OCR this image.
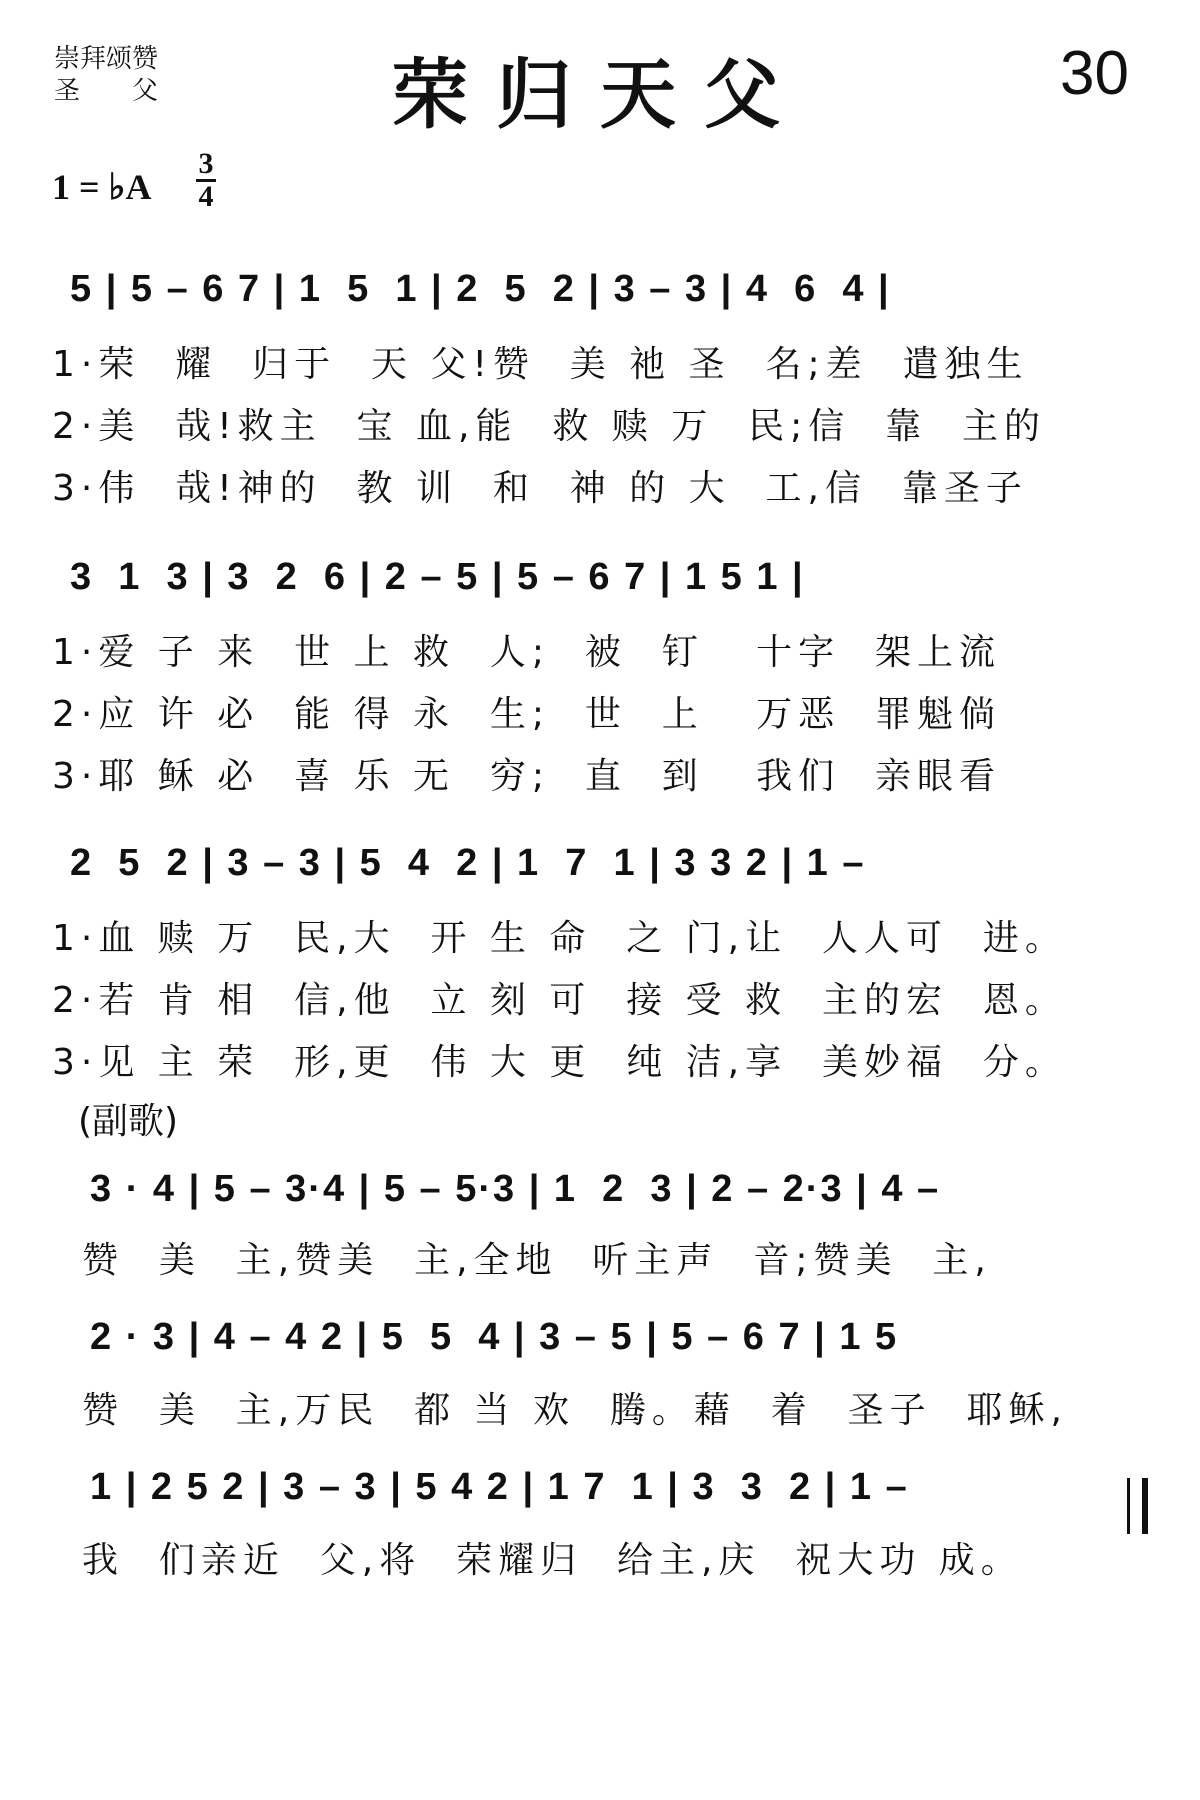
崇拜颂赞
圣　　父	荣归天父	30
1 = ♭A
3
4
5 | 5 – 6 7 | 1  5  1 | 2  5  2 | 3 – 3 | 4  6  4 |
1·荣  耀  归于  天 父!赞  美 祂 圣  名;差  遣独生
2·美  哉!救主  宝 血,能  救 赎 万  民;信  靠  主的
3·伟  哉!神的  教 训  和  神 的 大  工,信  靠圣子
3  1  3 | 3  2  6 | 2 – 5 | 5 – 6 7 | 1 5 1 |
1·爱 子 来  世 上 救  人;  被  钉   十字  架上流
2·应 许 必  能 得 永  生;  世  上   万恶  罪魁倘
3·耶 稣 必  喜 乐 无  穷;  直  到   我们  亲眼看
2  5  2 | 3 – 3 | 5  4  2 | 1  7  1 | 3 3 2 | 1 –
1·血 赎 万  民,大  开 生 命  之 门,让  人人可  进。
2·若 肯 相  信,他  立 刻 可  接 受 救  主的宏  恩。
3·见 主 荣  形,更  伟 大 更  纯 洁,享  美妙福  分。
(副歌)
3 · 4 | 5 – 3·4 | 5 – 5·3 | 1  2  3 | 2 – 2·3 | 4 –
赞  美  主,赞美  主,全地  听主声  音;赞美  主,
2 · 3 | 4 – 4 2 | 5  5  4 | 3 – 5 | 5 – 6 7 | 1 5
赞  美  主,万民  都 当 欢  腾。藉  着  圣子  耶稣,
1 | 2 5 2 | 3 – 3 | 5 4 2 | 1 7  1 | 3  3  2 | 1 –
我  们亲近  父,将  荣耀归  给主,庆  祝大功 成。
